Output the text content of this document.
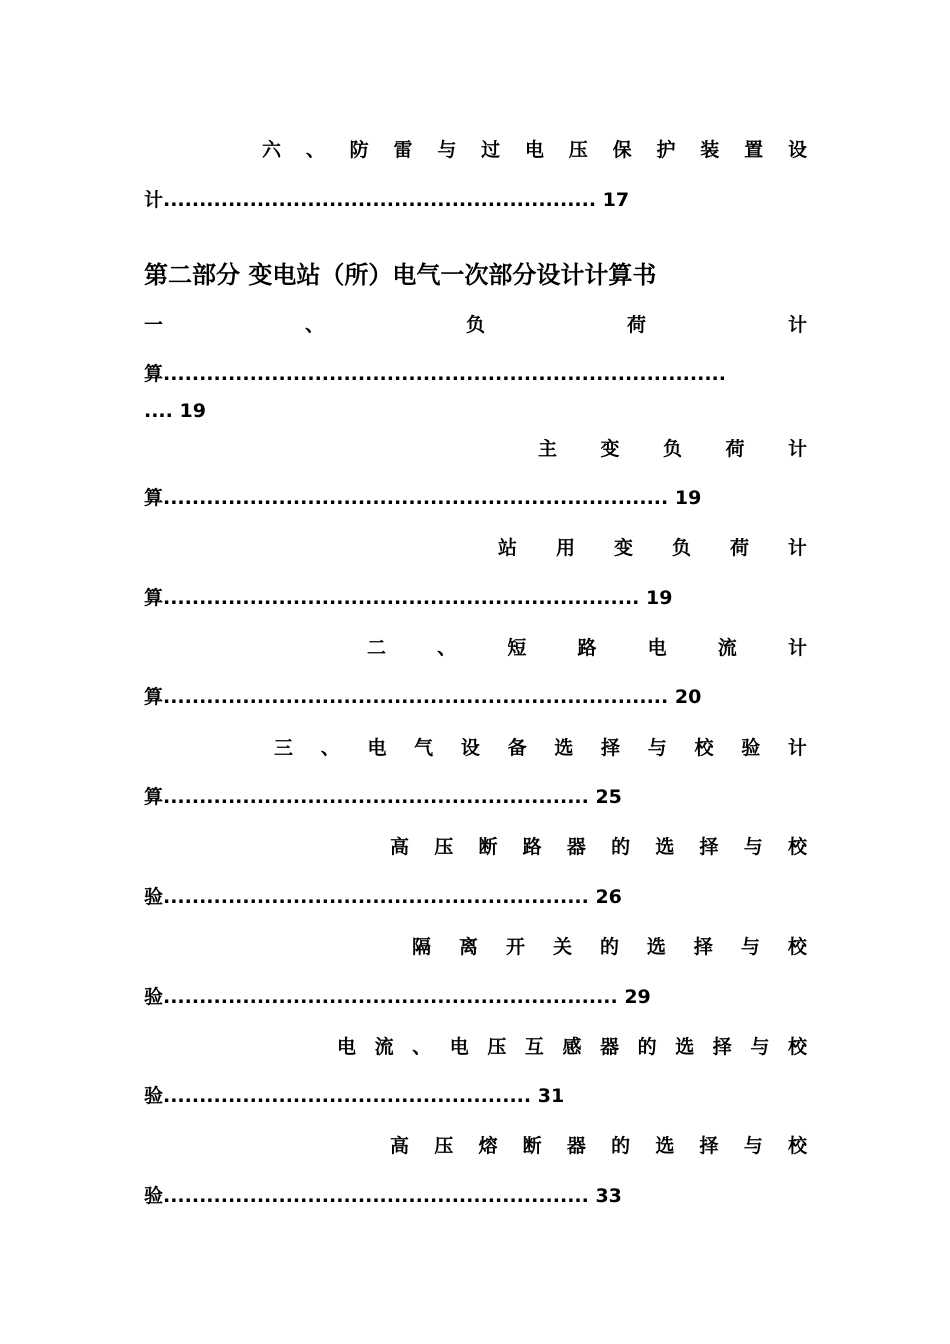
六 、 防 雷 与 过 电 压 保 护 装 置 设
计............................................................ 17
第二部分 变电站（所）电气一次部分设计计算书
一	、	负	荷	计
算..............................................................................
.... 19
主 变 负 荷 计
算...................................................................... 19
站 用 变 负 荷 计
算.................................................................. 19
二	、	短	路	电	流	计
算...................................................................... 20
三 、 电 气 设 备 选 择 与 校 验 计
算........................................................... 25
高 压 断 路 器 的 选 择 与 校
验........................................................... 26
隔 离 开 关 的 选 择 与 校
验............................................................... 29
电 流 、 电 压 互 感 器 的 选 择 与 校
验................................................... 31
高 压 熔 断 器 的 选 择 与 校
验........................................................... 33
